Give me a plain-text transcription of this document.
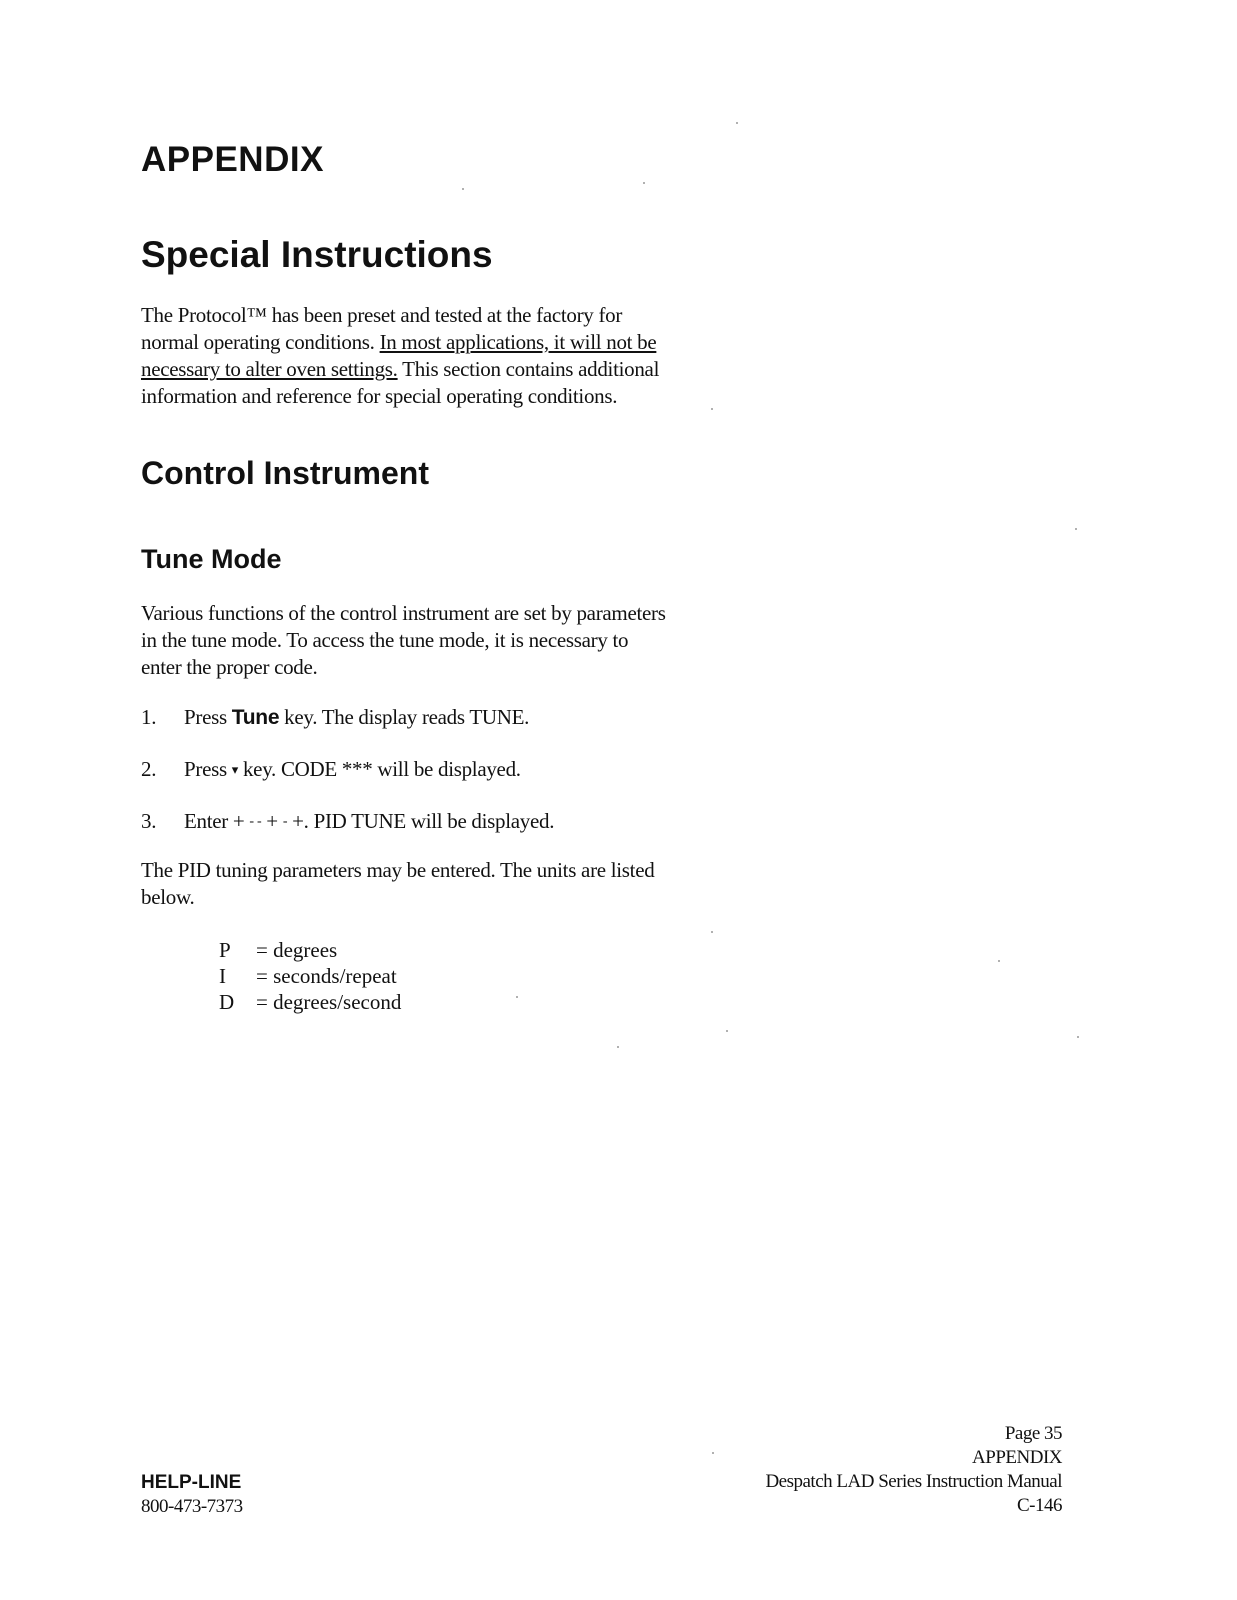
APPENDIX
Special Instructions

The Protocol™ has been preset and tested at the factory for
normal operating conditions. In most applications, it will not be
necessary to alter oven settings. This section contains additional
information and reference for special operating conditions.

Control Instrument
Tune Mode

Various functions of the control instrument are set by parameters
in the tune mode. To access the tune mode, it is necessary to
enter the proper code.

1. Press Tune key. The display reads TUNE.
2. Press ▾ key. CODE *** will be displayed.
3. Enter + ‐ ‐ + ‐ +. PID TUNE will be displayed.

The PID tuning parameters may be entered. The units are listed
below.

P	= degrees
I	= seconds/repeat
D	= degrees/second
HELP-LINE
800-473-7373
Page 35
APPENDIX
Despatch LAD Series Instruction Manual
C-146
